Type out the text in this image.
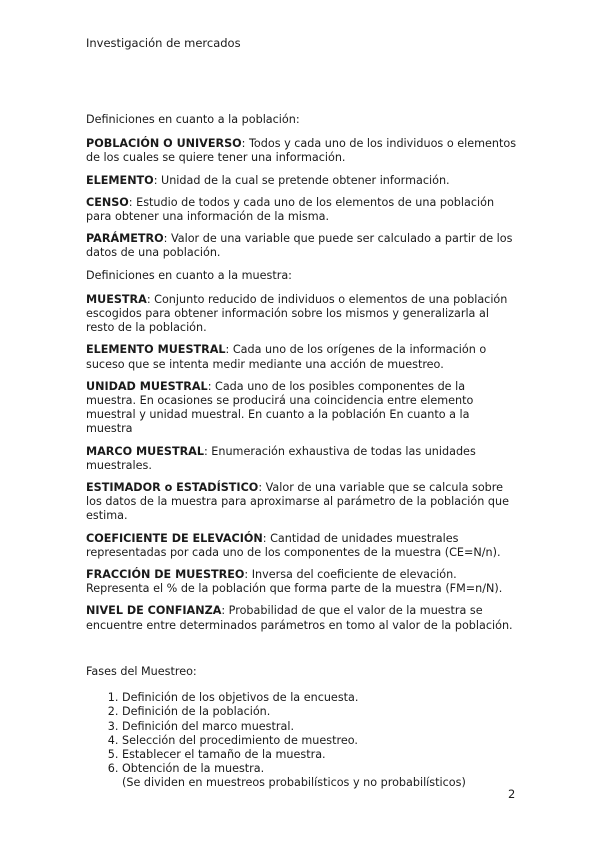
Investigación de mercados

Definiciones en cuanto a la población:

POBLACIÓN O UNIVERSO: Todos y cada uno de los individuos o elementos de los cuales se quiere tener una información.

ELEMENTO: Unidad de la cual se pretende obtener información.

CENSO: Estudio de todos y cada uno de los elementos de una población para obtener una información de la misma.

PARÁMETRO: Valor de una variable que puede ser calculado a partir de los datos de una población.

Definiciones en cuanto a la muestra:

MUESTRA: Conjunto reducido de individuos o elementos de una población escogidos para obtener información sobre los mismos y generalizarla al resto de la población.

ELEMENTO MUESTRAL: Cada uno de los orígenes de la información o suceso que se intenta medir mediante una acción de muestreo.

UNIDAD MUESTRAL: Cada uno de los posibles componentes de la muestra. En ocasiones se producirá una coincidencia entre elemento muestral y unidad muestral. En cuanto a la población En cuanto a la muestra

MARCO MUESTRAL: Enumeración exhaustiva de todas las unidades muestrales.

ESTIMADOR o ESTADÍSTICO: Valor de una variable que se calcula sobre los datos de la muestra para aproximarse al parámetro de la población que estima.

COEFICIENTE DE ELEVACIÓN: Cantidad de unidades muestrales representadas por cada uno de los componentes de la muestra (CE=N/n).

FRACCIÓN DE MUESTREO: Inversa del coeficiente de elevación. Representa el % de la población que forma parte de la muestra (FM=n/N).

NIVEL DE CONFIANZA: Probabilidad de que el valor de la muestra se encuentre entre determinados parámetros en tomo al valor de la población.

Fases del Muestreo:

1. Definición de los objetivos de la encuesta.
2. Definición de la población.
3. Definición del marco muestral.
4. Selección del procedimiento de muestreo.
5. Establecer el tamaño de la muestra.
6. Obtención de la muestra.
(Se dividen en muestreos probabilísticos y no probabilísticos)
2
